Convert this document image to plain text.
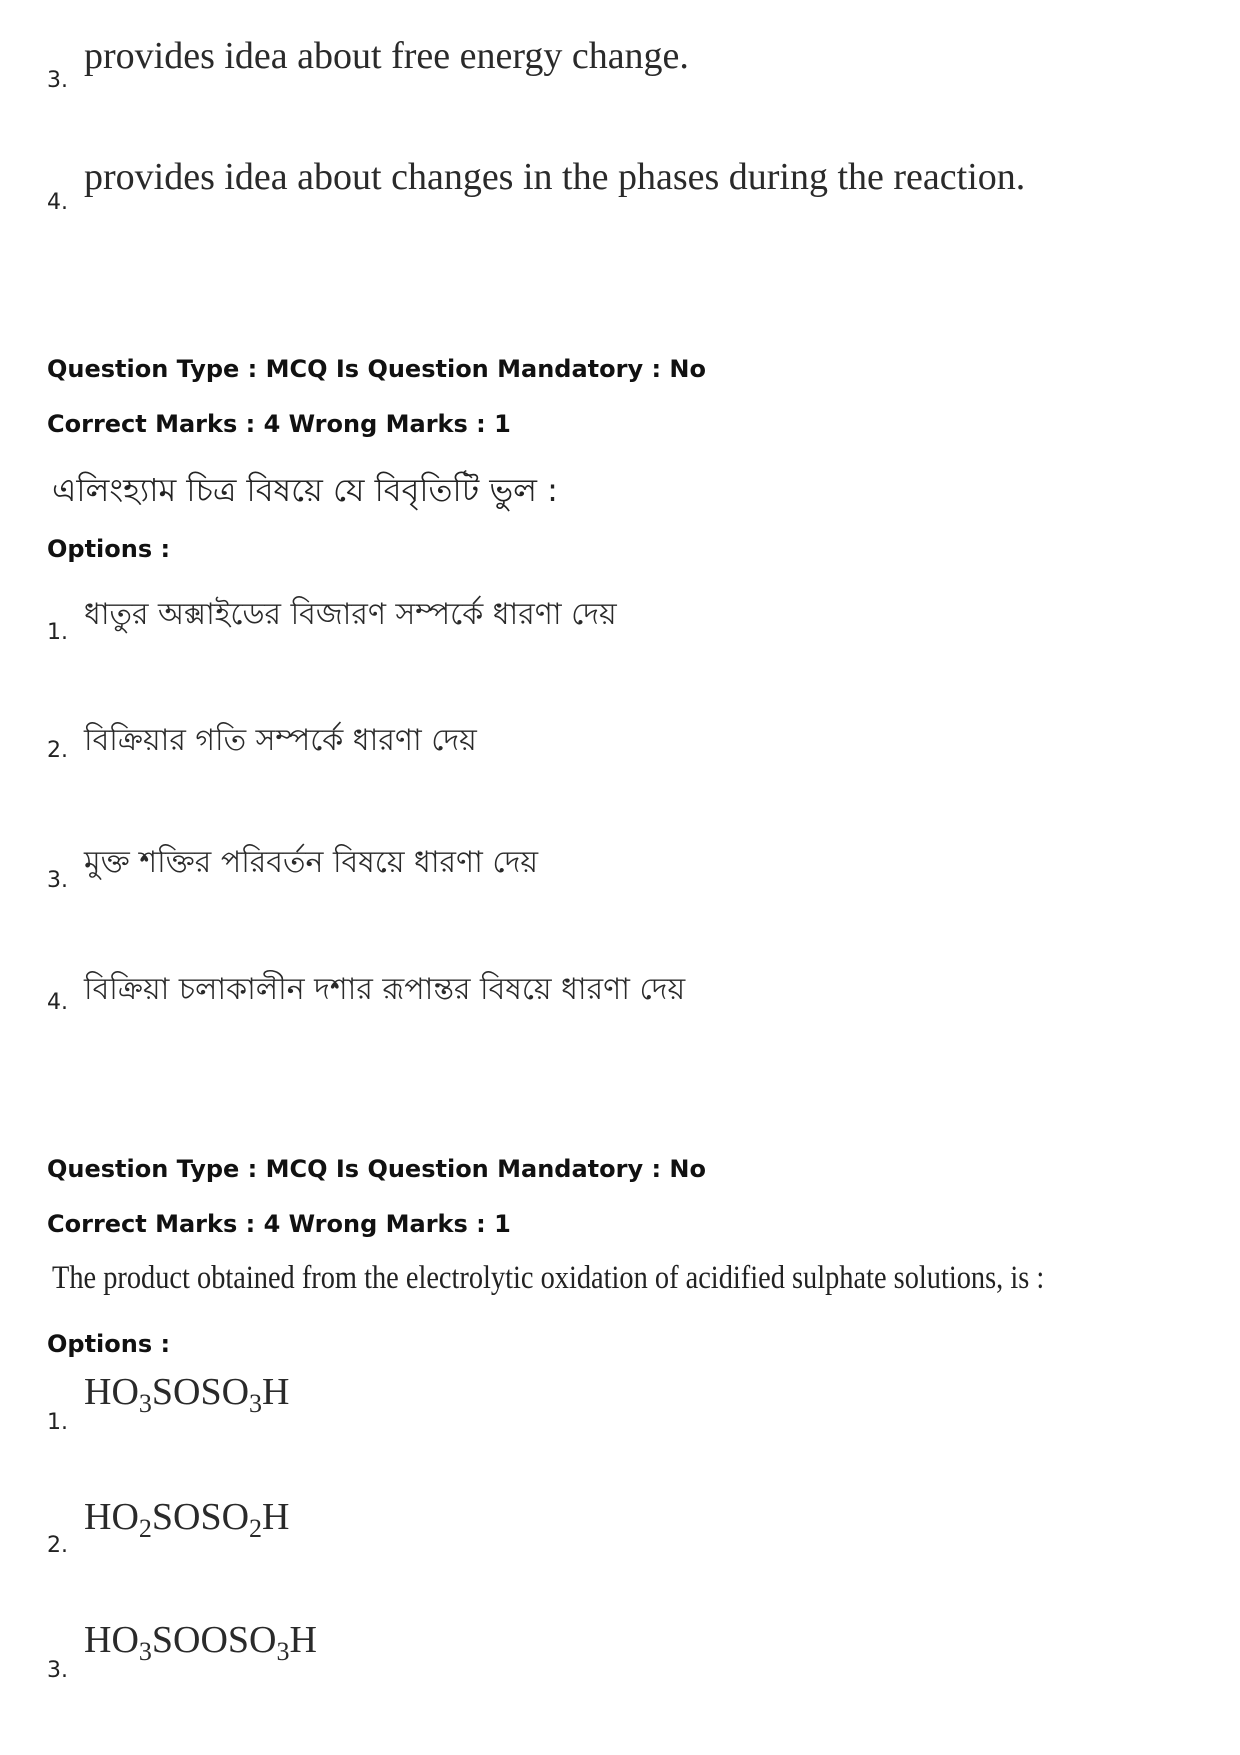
3.
provides idea about free energy change.
4.
provides idea about changes in the phases during the reaction.
Question Type : MCQ Is Question Mandatory : No
Correct Marks : 4 Wrong Marks : 1
এলিংহ্যাম চিত্র বিষয়ে যে বিবৃতিটি ভুল :
Options :
1.
ধাতুর অক্সাইডের বিজারণ সম্পর্কে ধারণা দেয়
2. বিক্রিয়ার গতি সম্পর্কে ধারণা দেয়
3.
মুক্ত শক্তির পরিবর্তন বিষয়ে ধারণা দেয়
4. বিক্রিয়া চলাকালীন দশার রূপান্তর বিষয়ে ধারণা দেয়
Question Type : MCQ Is Question Mandatory : No
Correct Marks : 4 Wrong Marks : 1
The product obtained from the electrolytic oxidation of acidified sulphate solutions, is :
Options :
1.
$HO_3SOSO_3H$
2.
$HO_2SOSO_2H$
3.
$HO_3SOOSO_3H$
